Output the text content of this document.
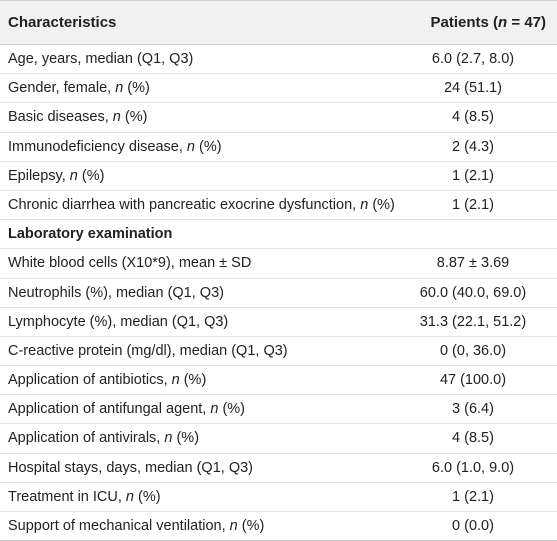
Characteristics	Patients (n = 47)
Age, years, median (Q1, Q3)	6.0 (2.7, 8.0)
Gender, female, n (%)	24 (51.1)
Basic diseases, n (%)	4 (8.5)
Immunodeficiency disease, n (%)	2 (4.3)
Epilepsy, n (%)	1 (2.1)
Chronic diarrhea with pancreatic exocrine dysfunction, n (%)	1 (2.1)
Laboratory examination
White blood cells (X10*9), mean ± SD	8.87 ± 3.69
Neutrophils (%), median (Q1, Q3)	60.0 (40.0, 69.0)
Lymphocyte (%), median (Q1, Q3)	31.3 (22.1, 51.2)
C-reactive protein (mg/dl), median (Q1, Q3)	0 (0, 36.0)
Application of antibiotics, n (%)	47 (100.0)
Application of antifungal agent, n (%)	3 (6.4)
Application of antivirals, n (%)	4 (8.5)
Hospital stays, days, median (Q1, Q3)	6.0 (1.0, 9.0)
Treatment in ICU, n (%)	1 (2.1)
Support of mechanical ventilation, n (%)	0 (0.0)
